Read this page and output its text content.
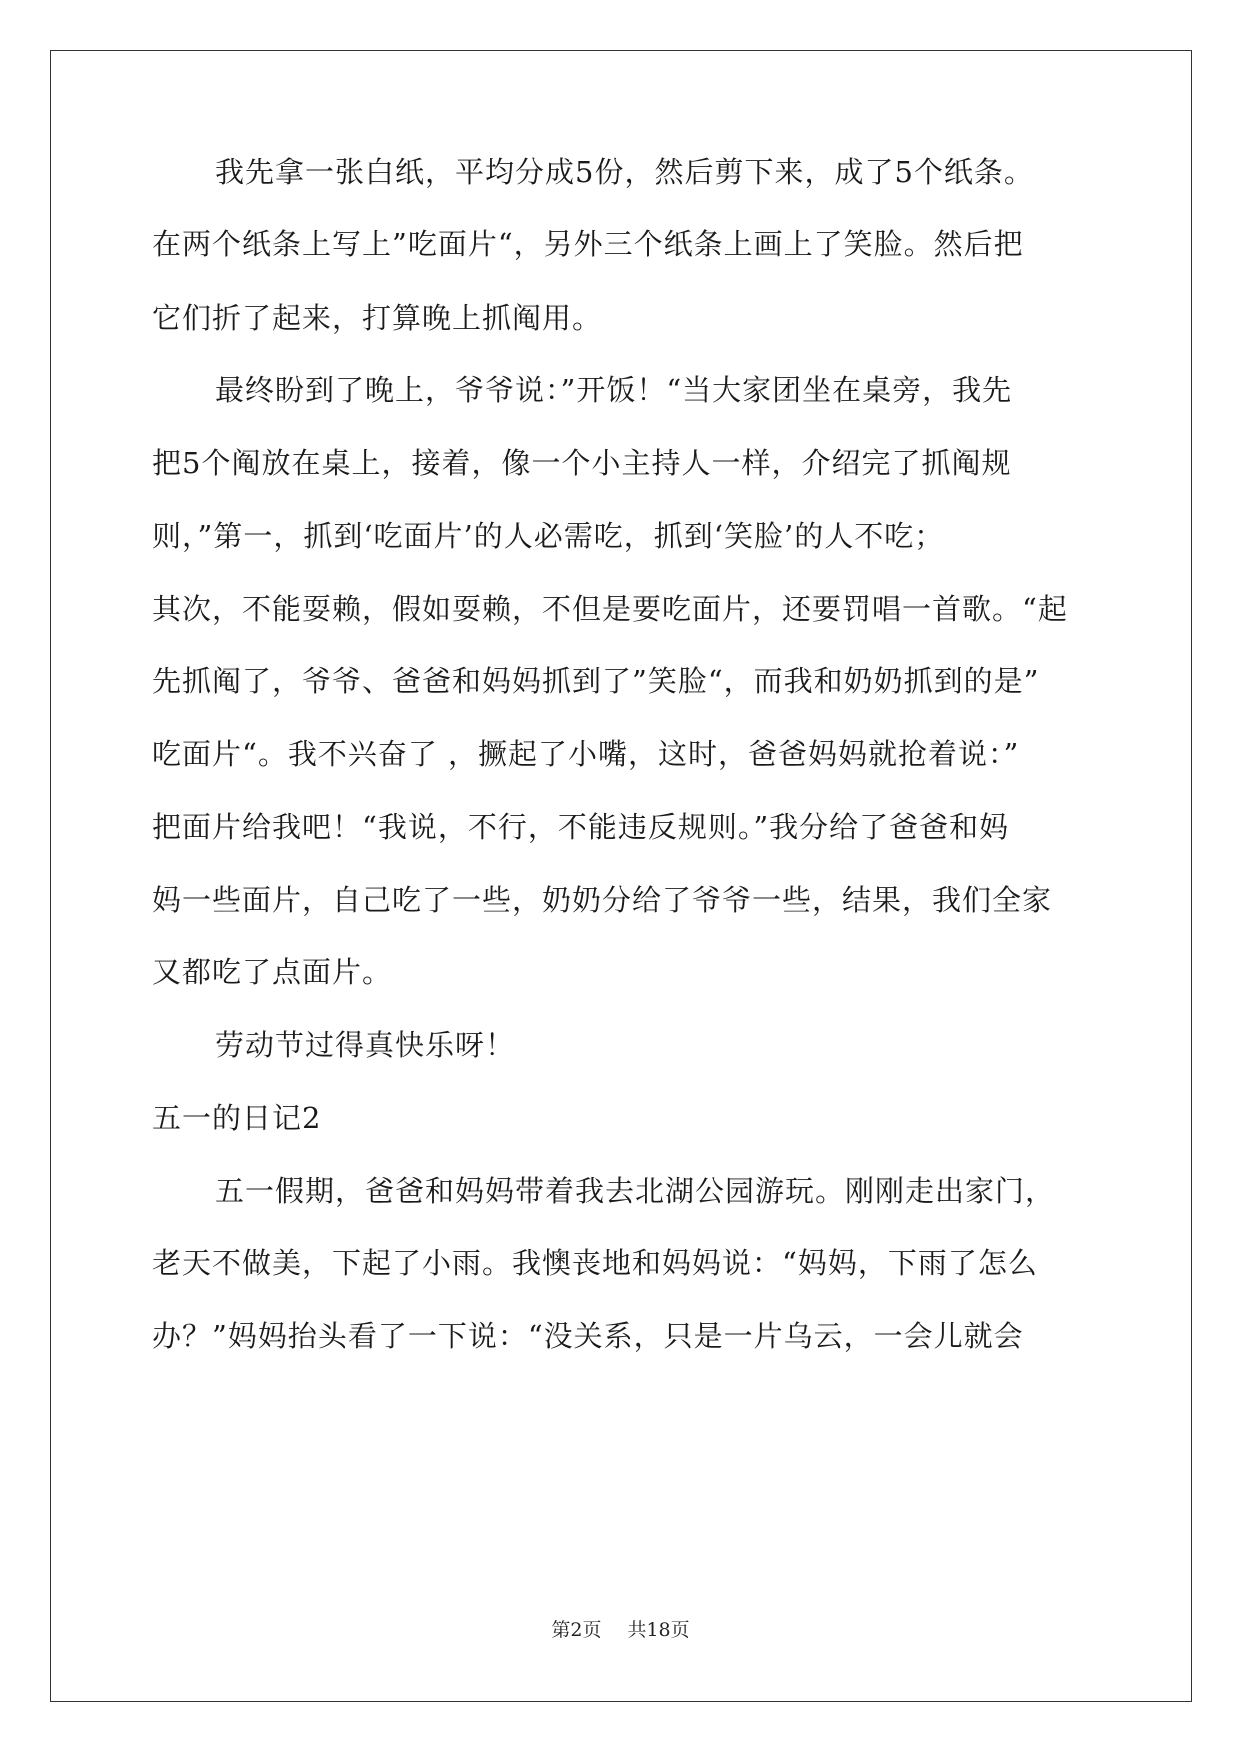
我先拿一张白纸，平均分成5份，然后剪下来，成了5个纸条。
在两个纸条上写上”吃面片“，另外三个纸条上画上了笑脸。然后把
它们折了起来，打算晚上抓阄用。
最终盼到了晚上，爷爷说：”开饭！“当大家团坐在桌旁，我先
把5个阄放在桌上，接着，像一个小主持人一样，介绍完了抓阄规
则，”第一，抓到‘吃面片’的人必需吃，抓到‘笑脸’的人不吃；
其次，不能耍赖，假如耍赖，不但是要吃面片，还要罚唱一首歌。“起
先抓阄了，爷爷、爸爸和妈妈抓到了”笑脸“，而我和奶奶抓到的是”
吃面片“。我不兴奋了 ，撅起了小嘴，这时，爸爸妈妈就抢着说：”
把面片给我吧！“我说，不行，不能违反规则。”我分给了爸爸和妈
妈一些面片，自己吃了一些，奶奶分给了爷爷一些，结果，我们全家
又都吃了点面片。
劳动节过得真快乐呀！
五一的日记2
五一假期，爸爸和妈妈带着我去北湖公园游玩。刚刚走出家门，
老天不做美，下起了小雨。我懊丧地和妈妈说：“妈妈，下雨了怎么
办？”妈妈抬头看了一下说：“没关系，只是一片乌云，一会儿就会
第2页 共18页
